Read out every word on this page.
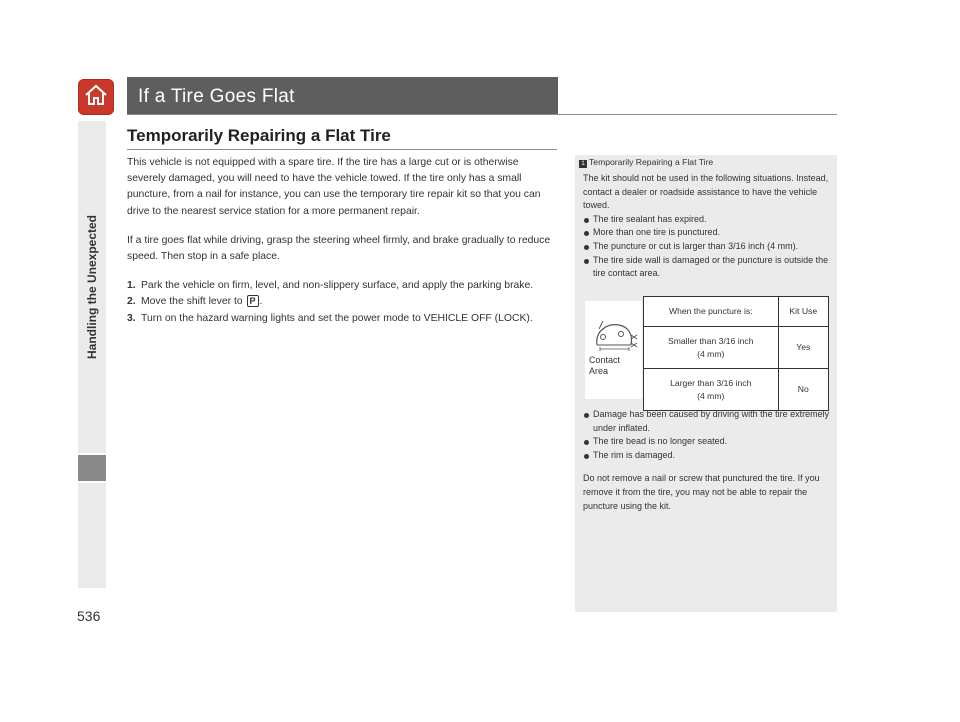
Handling the Unexpected
536
If a Tire Goes Flat
Temporarily Repairing a Flat Tire

This vehicle is not equipped with a spare tire. If the tire has a large cut or is otherwise severely damaged, you will need to have the vehicle towed. If the tire only has a small puncture, from a nail for instance, you can use the temporary tire repair kit so that you can drive to the nearest service station for a more permanent repair.

If a tire goes flat while driving, grasp the steering wheel firmly, and brake gradually to reduce speed. Then stop in a safe place.

1. Park the vehicle on firm, level, and non-slippery surface, and apply the parking brake.
2. Move the shift lever to P .
3. Turn on the hazard warning lights and set the power mode to VEHICLE OFF (LOCK).
1 Temporarily Repairing a Flat Tire

The kit should not be used in the following situations. Instead, contact a dealer or roadside assistance to have the vehicle towed.

The tire sealant has expired.
More than one tire is punctured.
The puncture or cut is larger than 3/16 inch (4 mm).
The tire side wall is damaged or the puncture is outside the tire contact area.
Contact Area
When the puncture is:	Kit Use

Smaller than 3/16 inch
(4 mm)	Yes

Larger than 3/16 inch
(4 mm)	No
Damage has been caused by driving with the tire extremely under inflated.
The tire bead is no longer seated.
The rim is damaged.

Do not remove a nail or screw that punctured the tire. If you remove it from the tire, you may not be able to repair the puncture using the kit.
